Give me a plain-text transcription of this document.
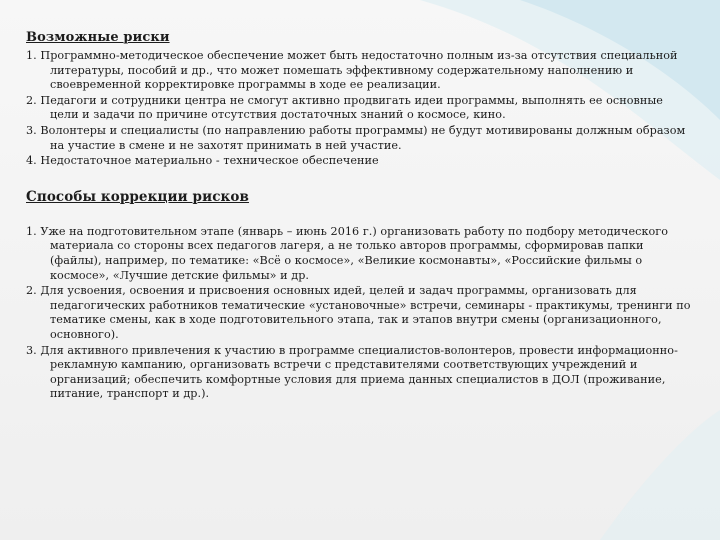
Возможные риски
1. Программно-методическое обеспечение может быть недостаточно полным из-за отсутствия специальной литературы, пособий и др., что может помешать эффективному содержательному наполнению и своевременной корректировке программы в ходе ее реализации.
2. Педагоги и сотрудники центра не смогут активно продвигать идеи программы, выполнять ее основные цели и задачи по причине отсутствия достаточных знаний о космосе, кино.
3. Волонтеры и специалисты (по направлению работы программы) не будут мотивированы должным образом на участие в смене и не захотят принимать в ней участие.
4. Недостаточное материально - техническое обеспечение
Способы коррекции рисков
1. Уже на подготовительном этапе (январь – июнь 2016 г.) организовать работу по подбору методического материала со стороны всех педагогов лагеря, а не только авторов программы, сформировав папки (файлы), например, по тематике: «Всё о космосе», «Великие космонавты», «Российские фильмы о космосе», «Лучшие детские фильмы» и др.
2. Для усвоения, освоения и присвоения основных идей, целей и задач программы, организовать для педагогических работников тематические «установочные» встречи, семинары - практикумы, тренинги по тематике смены, как в ходе подготовительного этапа, так и этапов внутри смены (организационного, основного).
3. Для активного привлечения к участию в программе специалистов-волонтеров, провести информационно-рекламную кампанию, организовать встречи с представителями соответствующих учреждений и организаций; обеспечить комфортные условия для приема данных специалистов в ДОЛ (проживание, питание, транспорт и др.).
